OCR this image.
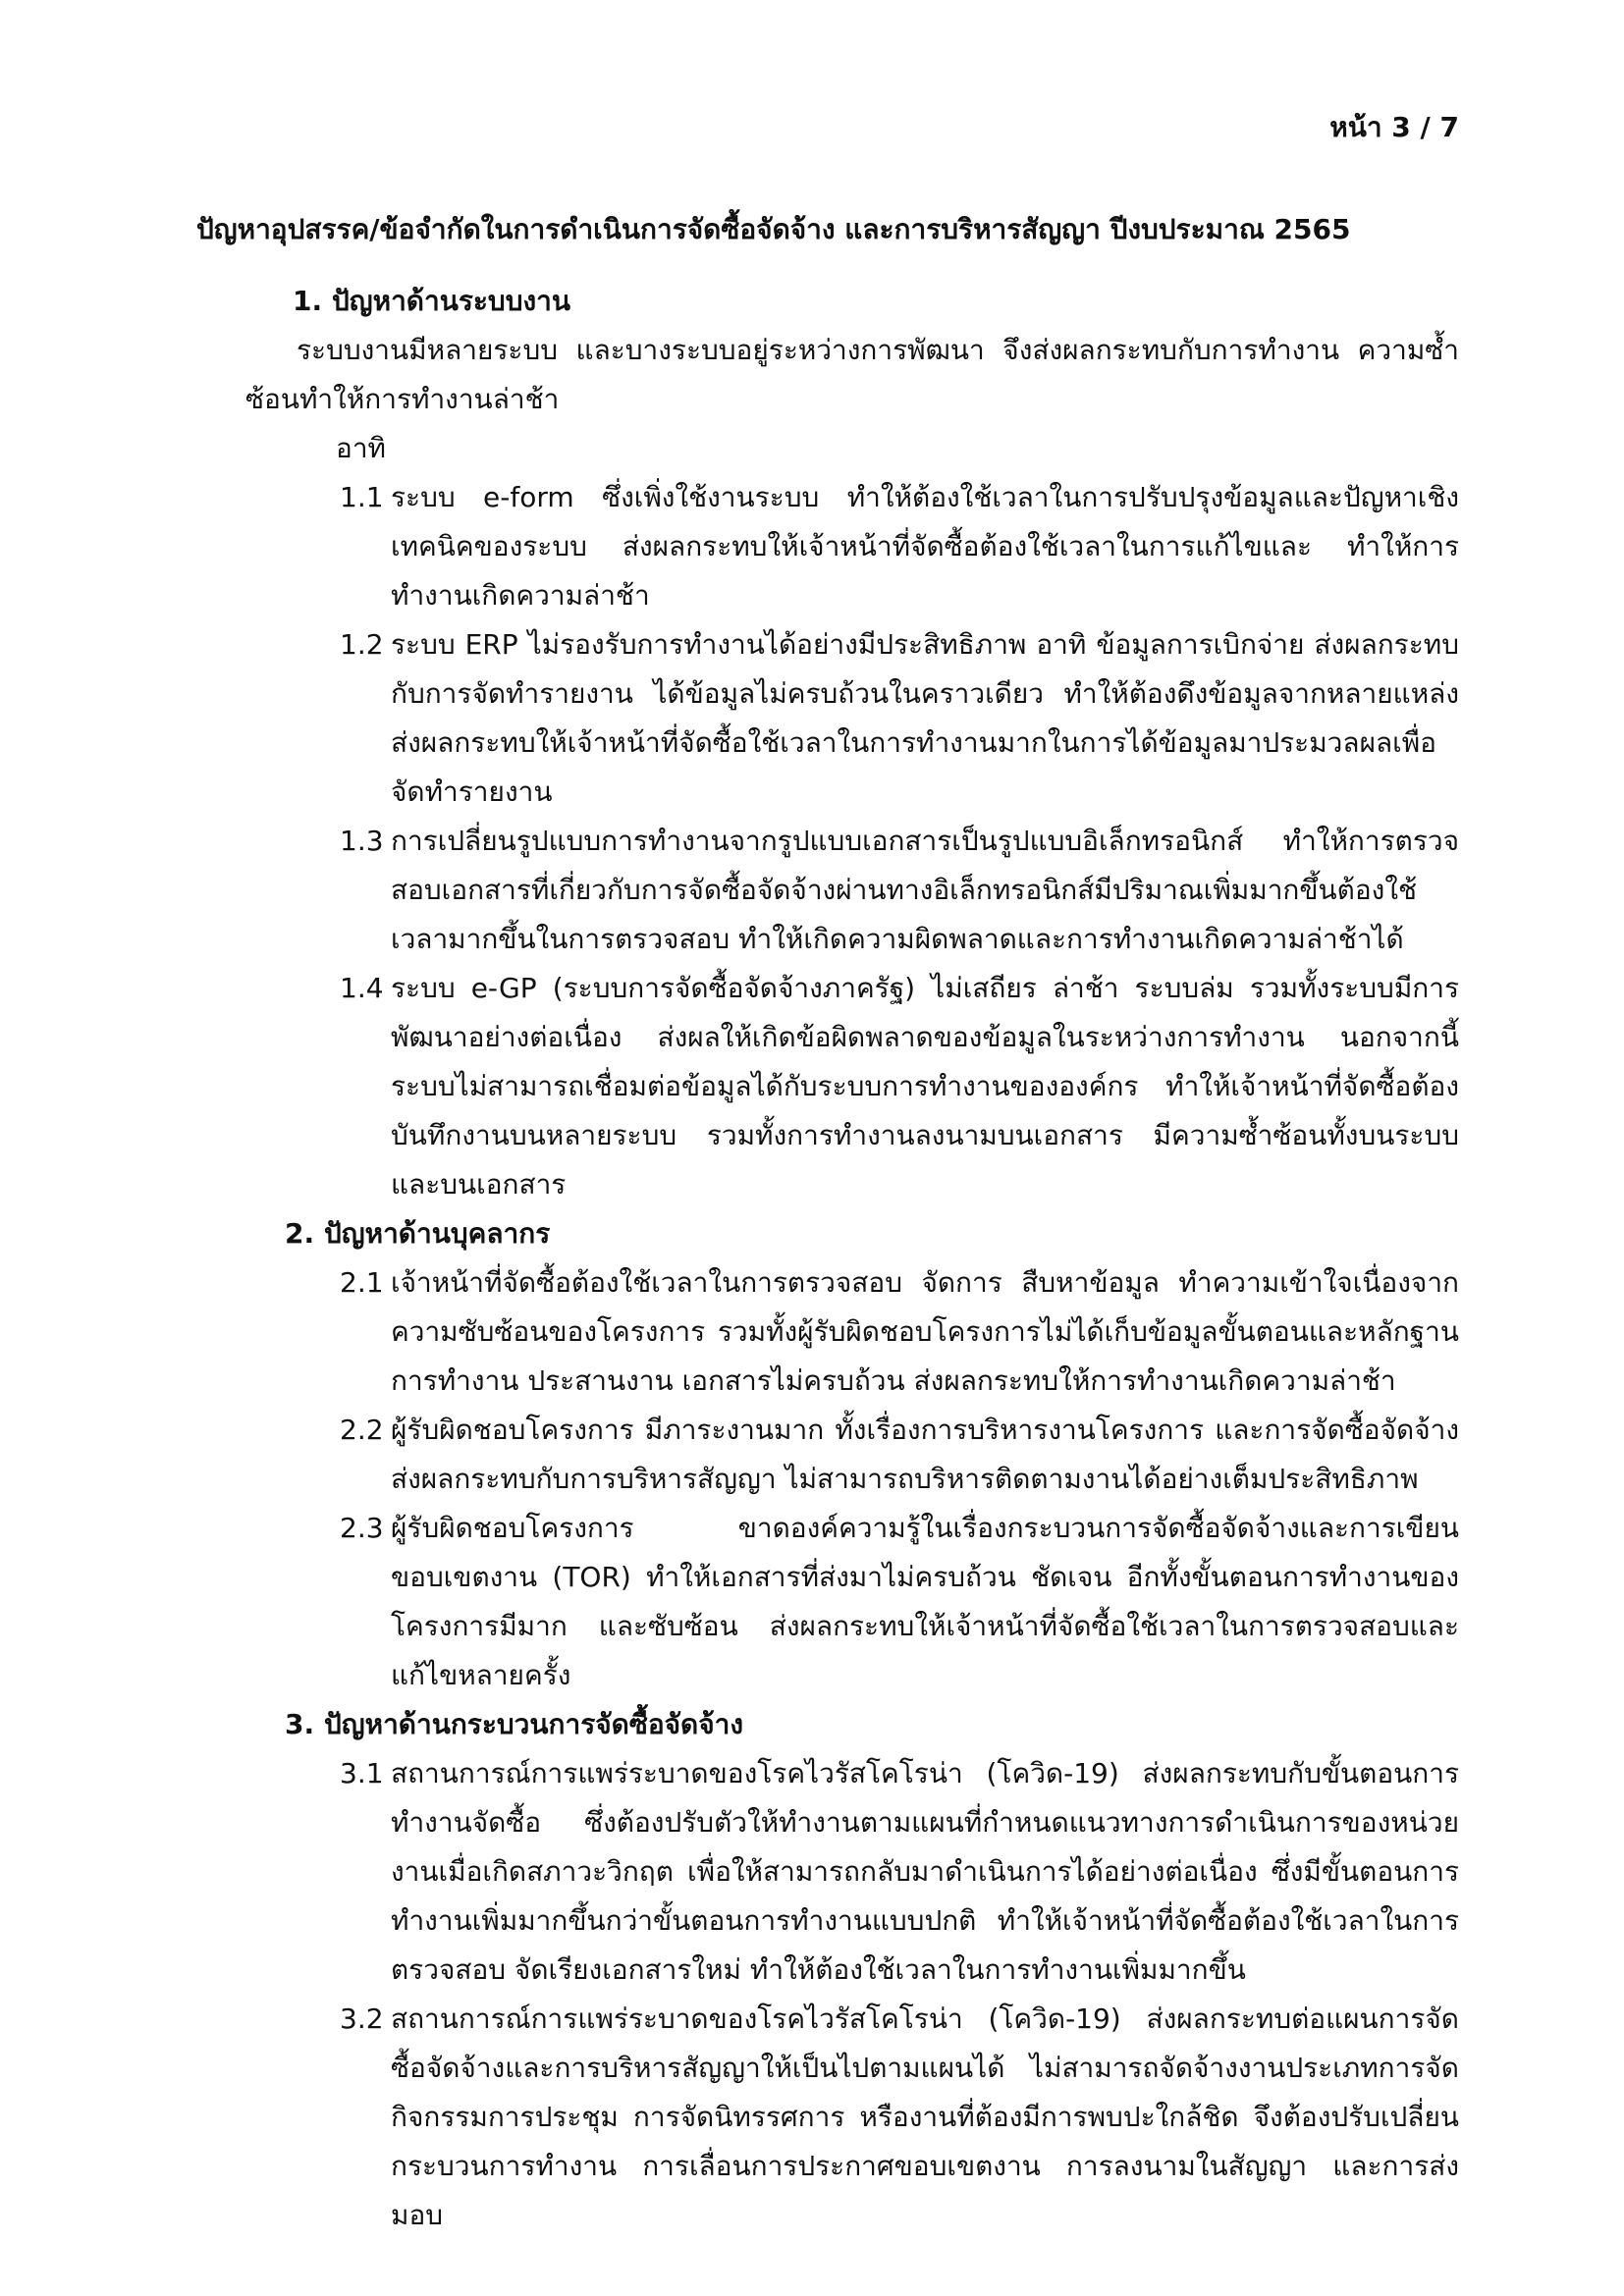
หน้า 3 / 7
ปัญหาอุปสรรค/ข้อจำกัดในการดำเนินการจัดซื้อจัดจ้าง และการบริหารสัญญา ปีงบประมาณ 2565
1. ปัญหาด้านระบบงาน
ระบบงานมีหลายระบบ และบางระบบอยู่ระหว่างการพัฒนา จึงส่งผลกระทบกับการทำงาน ความซ้ำซ้อนทำให้การทำงานล่าช้า
อาทิ
1.1 ระบบ e-form ซึ่งเพิ่งใช้งานระบบ ทำให้ต้องใช้เวลาในการปรับปรุงข้อมูลและปัญหาเชิงเทคนิคของระบบ ส่งผลกระทบให้เจ้าหน้าที่จัดซื้อต้องใช้เวลาในการแก้ไขและ ทำให้การทำงานเกิดความล่าช้า
1.2 ระบบ ERP ไม่รองรับการทำงานได้อย่างมีประสิทธิภาพ อาทิ ข้อมูลการเบิกจ่าย ส่งผลกระทบกับการจัดทำรายงาน ได้ข้อมูลไม่ครบถ้วนในคราวเดียว ทำให้ต้องดึงข้อมูลจากหลายแหล่งส่งผลกระทบให้เจ้าหน้าที่จัดซื้อใช้เวลาในการทำงานมากในการได้ข้อมูลมาประมวลผลเพื่อจัดทำรายงาน
1.3 การเปลี่ยนรูปแบบการทำงานจากรูปแบบเอกสารเป็นรูปแบบอิเล็กทรอนิกส์ ทำให้การตรวจสอบเอกสารที่เกี่ยวกับการจัดซื้อจัดจ้างผ่านทางอิเล็กทรอนิกส์มีปริมาณเพิ่มมากขึ้นต้องใช้เวลามากขึ้นในการตรวจสอบ ทำให้เกิดความผิดพลาดและการทำงานเกิดความล่าช้าได้
1.4 ระบบ e-GP (ระบบการจัดซื้อจัดจ้างภาครัฐ) ไม่เสถียร ล่าช้า ระบบล่ม รวมทั้งระบบมีการพัฒนาอย่างต่อเนื่อง ส่งผลให้เกิดข้อผิดพลาดของข้อมูลในระหว่างการทำงาน นอกจากนี้ระบบไม่สามารถเชื่อมต่อข้อมูลได้กับระบบการทำงานขององค์กร ทำให้เจ้าหน้าที่จัดซื้อต้องบันทึกงานบนหลายระบบ รวมทั้งการทำงานลงนามบนเอกสาร มีความซ้ำซ้อนทั้งบนระบบและบนเอกสาร
2. ปัญหาด้านบุคลากร
2.1 เจ้าหน้าที่จัดซื้อต้องใช้เวลาในการตรวจสอบ จัดการ สืบหาข้อมูล ทำความเข้าใจเนื่องจากความซับซ้อนของโครงการ รวมทั้งผู้รับผิดชอบโครงการไม่ได้เก็บข้อมูลขั้นตอนและหลักฐานการทำงาน ประสานงาน เอกสารไม่ครบถ้วน ส่งผลกระทบให้การทำงานเกิดความล่าช้า
2.2 ผู้รับผิดชอบโครงการ มีภาระงานมาก ทั้งเรื่องการบริหารงานโครงการ และการจัดซื้อจัดจ้างส่งผลกระทบกับการบริหารสัญญา ไม่สามารถบริหารติดตามงานได้อย่างเต็มประสิทธิภาพ
2.3 ผู้รับผิดชอบโครงการ ขาดองค์ความรู้ในเรื่องกระบวนการจัดซื้อจัดจ้างและการเขียนขอบเขตงาน (TOR) ทำให้เอกสารที่ส่งมาไม่ครบถ้วน ชัดเจน อีกทั้งขั้นตอนการทำงานของโครงการมีมาก และซับซ้อน ส่งผลกระทบให้เจ้าหน้าที่จัดซื้อใช้เวลาในการตรวจสอบและแก้ไขหลายครั้ง
3. ปัญหาด้านกระบวนการจัดซื้อจัดจ้าง
3.1 สถานการณ์การแพร่ระบาดของโรคไวรัสโคโรน่า (โควิด-19) ส่งผลกระทบกับขั้นตอนการทำงานจัดซื้อ ซึ่งต้องปรับตัวให้ทำงานตามแผนที่กำหนดแนวทางการดำเนินการของหน่วยงานเมื่อเกิดสภาวะวิกฤต เพื่อให้สามารถกลับมาดำเนินการได้อย่างต่อเนื่อง ซึ่งมีขั้นตอนการทำงานเพิ่มมากขึ้นกว่าขั้นตอนการทำงานแบบปกติ ทำให้เจ้าหน้าที่จัดซื้อต้องใช้เวลาในการตรวจสอบ จัดเรียงเอกสารใหม่ ทำให้ต้องใช้เวลาในการทำงานเพิ่มมากขึ้น
3.2 สถานการณ์การแพร่ระบาดของโรคไวรัสโคโรน่า (โควิด-19) ส่งผลกระทบต่อแผนการจัดซื้อจัดจ้างและการบริหารสัญญาให้เป็นไปตามแผนได้ ไม่สามารถจัดจ้างงานประเภทการจัดกิจกรรมการประชุม การจัดนิทรรศการ หรืองานที่ต้องมีการพบปะใกล้ชิด จึงต้องปรับเปลี่ยนกระบวนการทำงาน การเลื่อนการประกาศขอบเขตงาน การลงนามในสัญญา และการส่งมอบ
